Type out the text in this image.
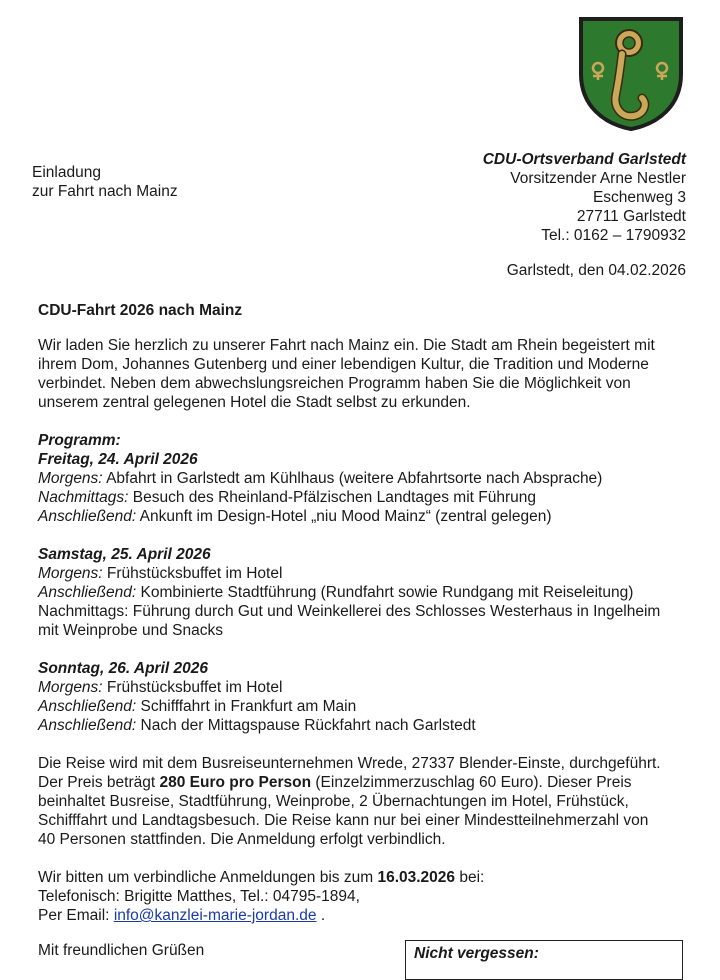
Einladung
zur Fahrt nach Mainz
CDU-Ortsverband Garlstedt
Vorsitzender Arne Nestler
Eschenweg 3
27711 Garlstedt
Tel.: 0162 – 1790932
Garlstedt, den 04.02.2026
CDU-Fahrt 2026 nach Mainz

Wir laden Sie herzlich zu unserer Fahrt nach Mainz ein. Die Stadt am Rhein begeistert mit

ihrem Dom, Johannes Gutenberg und einer lebendigen Kultur, die Tradition und Moderne

verbindet. Neben dem abwechslungsreichen Programm haben Sie die Möglichkeit von

unserem zentral gelegenen Hotel die Stadt selbst zu erkunden.

Programm:

Freitag, 24. April 2026

Morgens: Abfahrt in Garlstedt am Kühlhaus (weitere Abfahrtsorte nach Absprache)

Nachmittags: Besuch des Rheinland-Pfälzischen Landtages mit Führung

Anschließend: Ankunft im Design-Hotel „niu Mood Mainz“ (zentral gelegen)

Samstag, 25. April 2026

Morgens: Frühstücksbuffet im Hotel

Anschließend: Kombinierte Stadtführung (Rundfahrt sowie Rundgang mit Reiseleitung)

Nachmittags: Führung durch Gut und Weinkellerei des Schlosses Westerhaus in Ingelheim

mit Weinprobe und Snacks

Sonntag, 26. April 2026

Morgens: Frühstücksbuffet im Hotel

Anschließend: Schifffahrt in Frankfurt am Main

Anschließend: Nach der Mittagspause Rückfahrt nach Garlstedt

Die Reise wird mit dem Busreiseunternehmen Wrede, 27337 Blender-Einste, durchgeführt.

Der Preis beträgt 280 Euro pro Person (Einzelzimmerzuschlag 60 Euro). Dieser Preis

beinhaltet Busreise, Stadtführung, Weinprobe, 2 Übernachtungen im Hotel, Frühstück,

Schifffahrt und Landtagsbesuch. Die Reise kann nur bei einer Mindestteilnehmerzahl von

40 Personen stattfinden. Die Anmeldung erfolgt verbindlich.

Wir bitten um verbindliche Anmeldungen bis zum 16.03.2026 bei:

Telefonisch: Brigitte Matthes, Tel.: 04795-1894,

Per Email: info@kanzlei-marie-jordan.de .

Mit freundlichen Grüßen	Nicht vergessen:
